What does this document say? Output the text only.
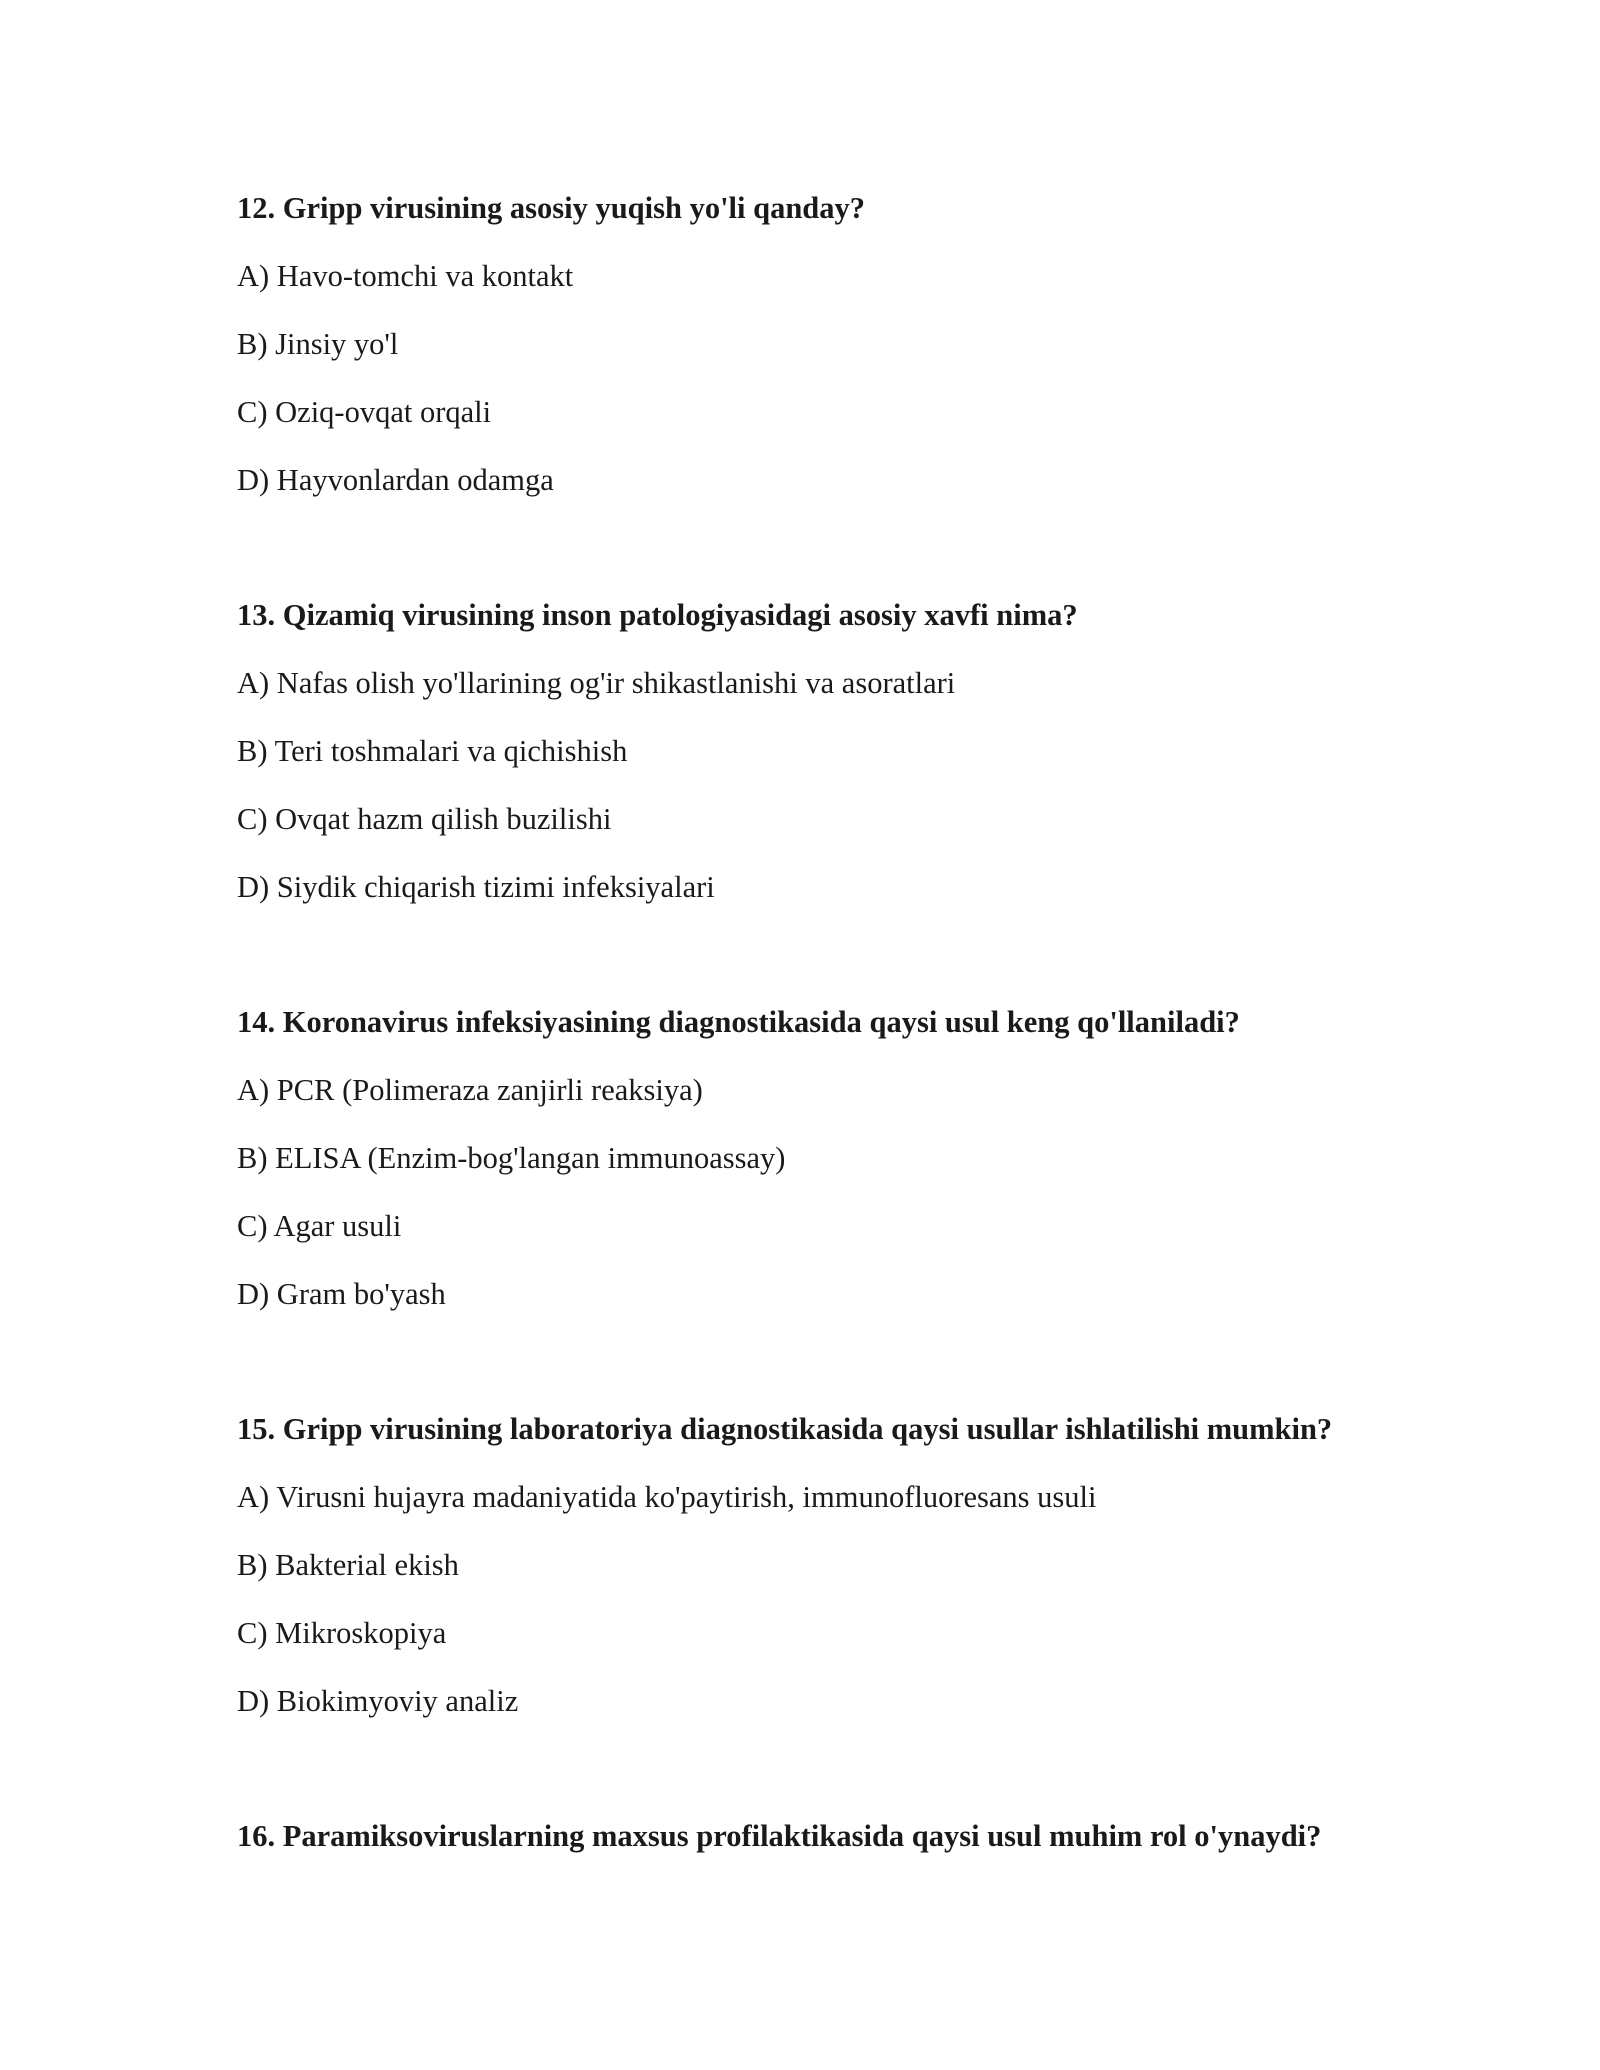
12. Gripp virusining asosiy yuqish yo'li qanday?

A) Havo-tomchi va kontakt

B) Jinsiy yo'l

C) Oziq-ovqat orqali

D) Hayvonlardan odamga

13. Qizamiq virusining inson patologiyasidagi asosiy xavfi nima?

A) Nafas olish yo'llarining og'ir shikastlanishi va asoratlari

B) Teri toshmalari va qichishish

C) Ovqat hazm qilish buzilishi

D) Siydik chiqarish tizimi infeksiyalari

14. Koronavirus infeksiyasining diagnostikasida qaysi usul keng qo'llaniladi?

A) PCR (Polimeraza zanjirli reaksiya)

B) ELISA (Enzim-bog'langan immunoassay)

C) Agar usuli

D) Gram bo'yash

15. Gripp virusining laboratoriya diagnostikasida qaysi usullar ishlatilishi mumkin?

A) Virusni hujayra madaniyatida ko'paytirish, immunofluoresans usuli

B) Bakterial ekish

C) Mikroskopiya

D) Biokimyoviy analiz

16. Paramiksoviruslarning maxsus profilaktikasida qaysi usul muhim rol o'ynaydi?
